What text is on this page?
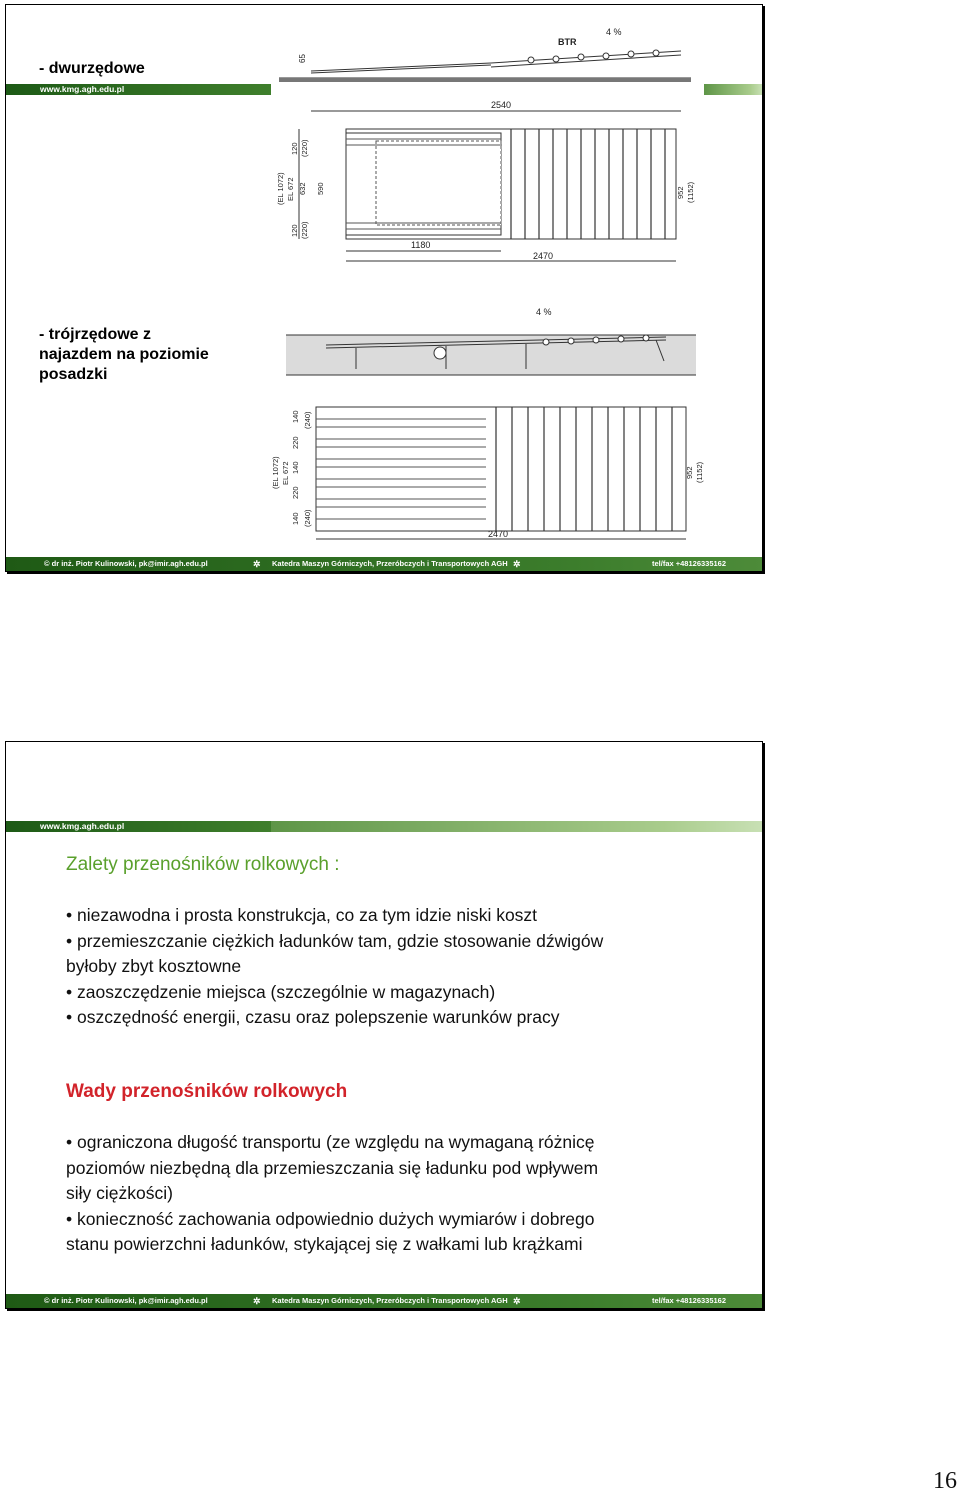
- dwurzędowe
www.kmg.agh.edu.pl
- trójrzędowe z
najazdem na poziomie
posadzki
BTR
4 %
65
2540
(EL 1072) EL 672 632 590
120 (220)
120 (220)
952 (1152)
1180
2470
4 %
(EL 1072) EL 672
140
220
140
220
140
(240)
(240)
952 (1152)
2470
© dr inż. Piotr Kulinowski, pk@imir.agh.edu.pl	✲ Katedra Maszyn Górniczych, Przeróbczych i Transportowych AGH ✲	tel/fax +48126335162
www.kmg.agh.edu.pl
Zalety przenośników rolkowych :
• niezawodna i prosta konstrukcja, co za tym idzie niski koszt
• przemieszczanie ciężkich ładunków tam, gdzie stosowanie dźwigów
byłoby zbyt kosztowne
• zaoszczędzenie miejsca (szczególnie w magazynach)
• oszczędność energii, czasu oraz polepszenie warunków pracy
Wady przenośników rolkowych
• ograniczona długość transportu (ze względu na wymaganą różnicę
poziomów niezbędną dla przemieszczania się ładunku pod wpływem
siły ciężkości)
• konieczność zachowania odpowiednio dużych wymiarów i dobrego
stanu powierzchni ładunków, stykającej się z wałkami lub krążkami
© dr inż. Piotr Kulinowski, pk@imir.agh.edu.pl	✲ Katedra Maszyn Górniczych, Przeróbczych i Transportowych AGH ✲	tel/fax +48126335162
16
